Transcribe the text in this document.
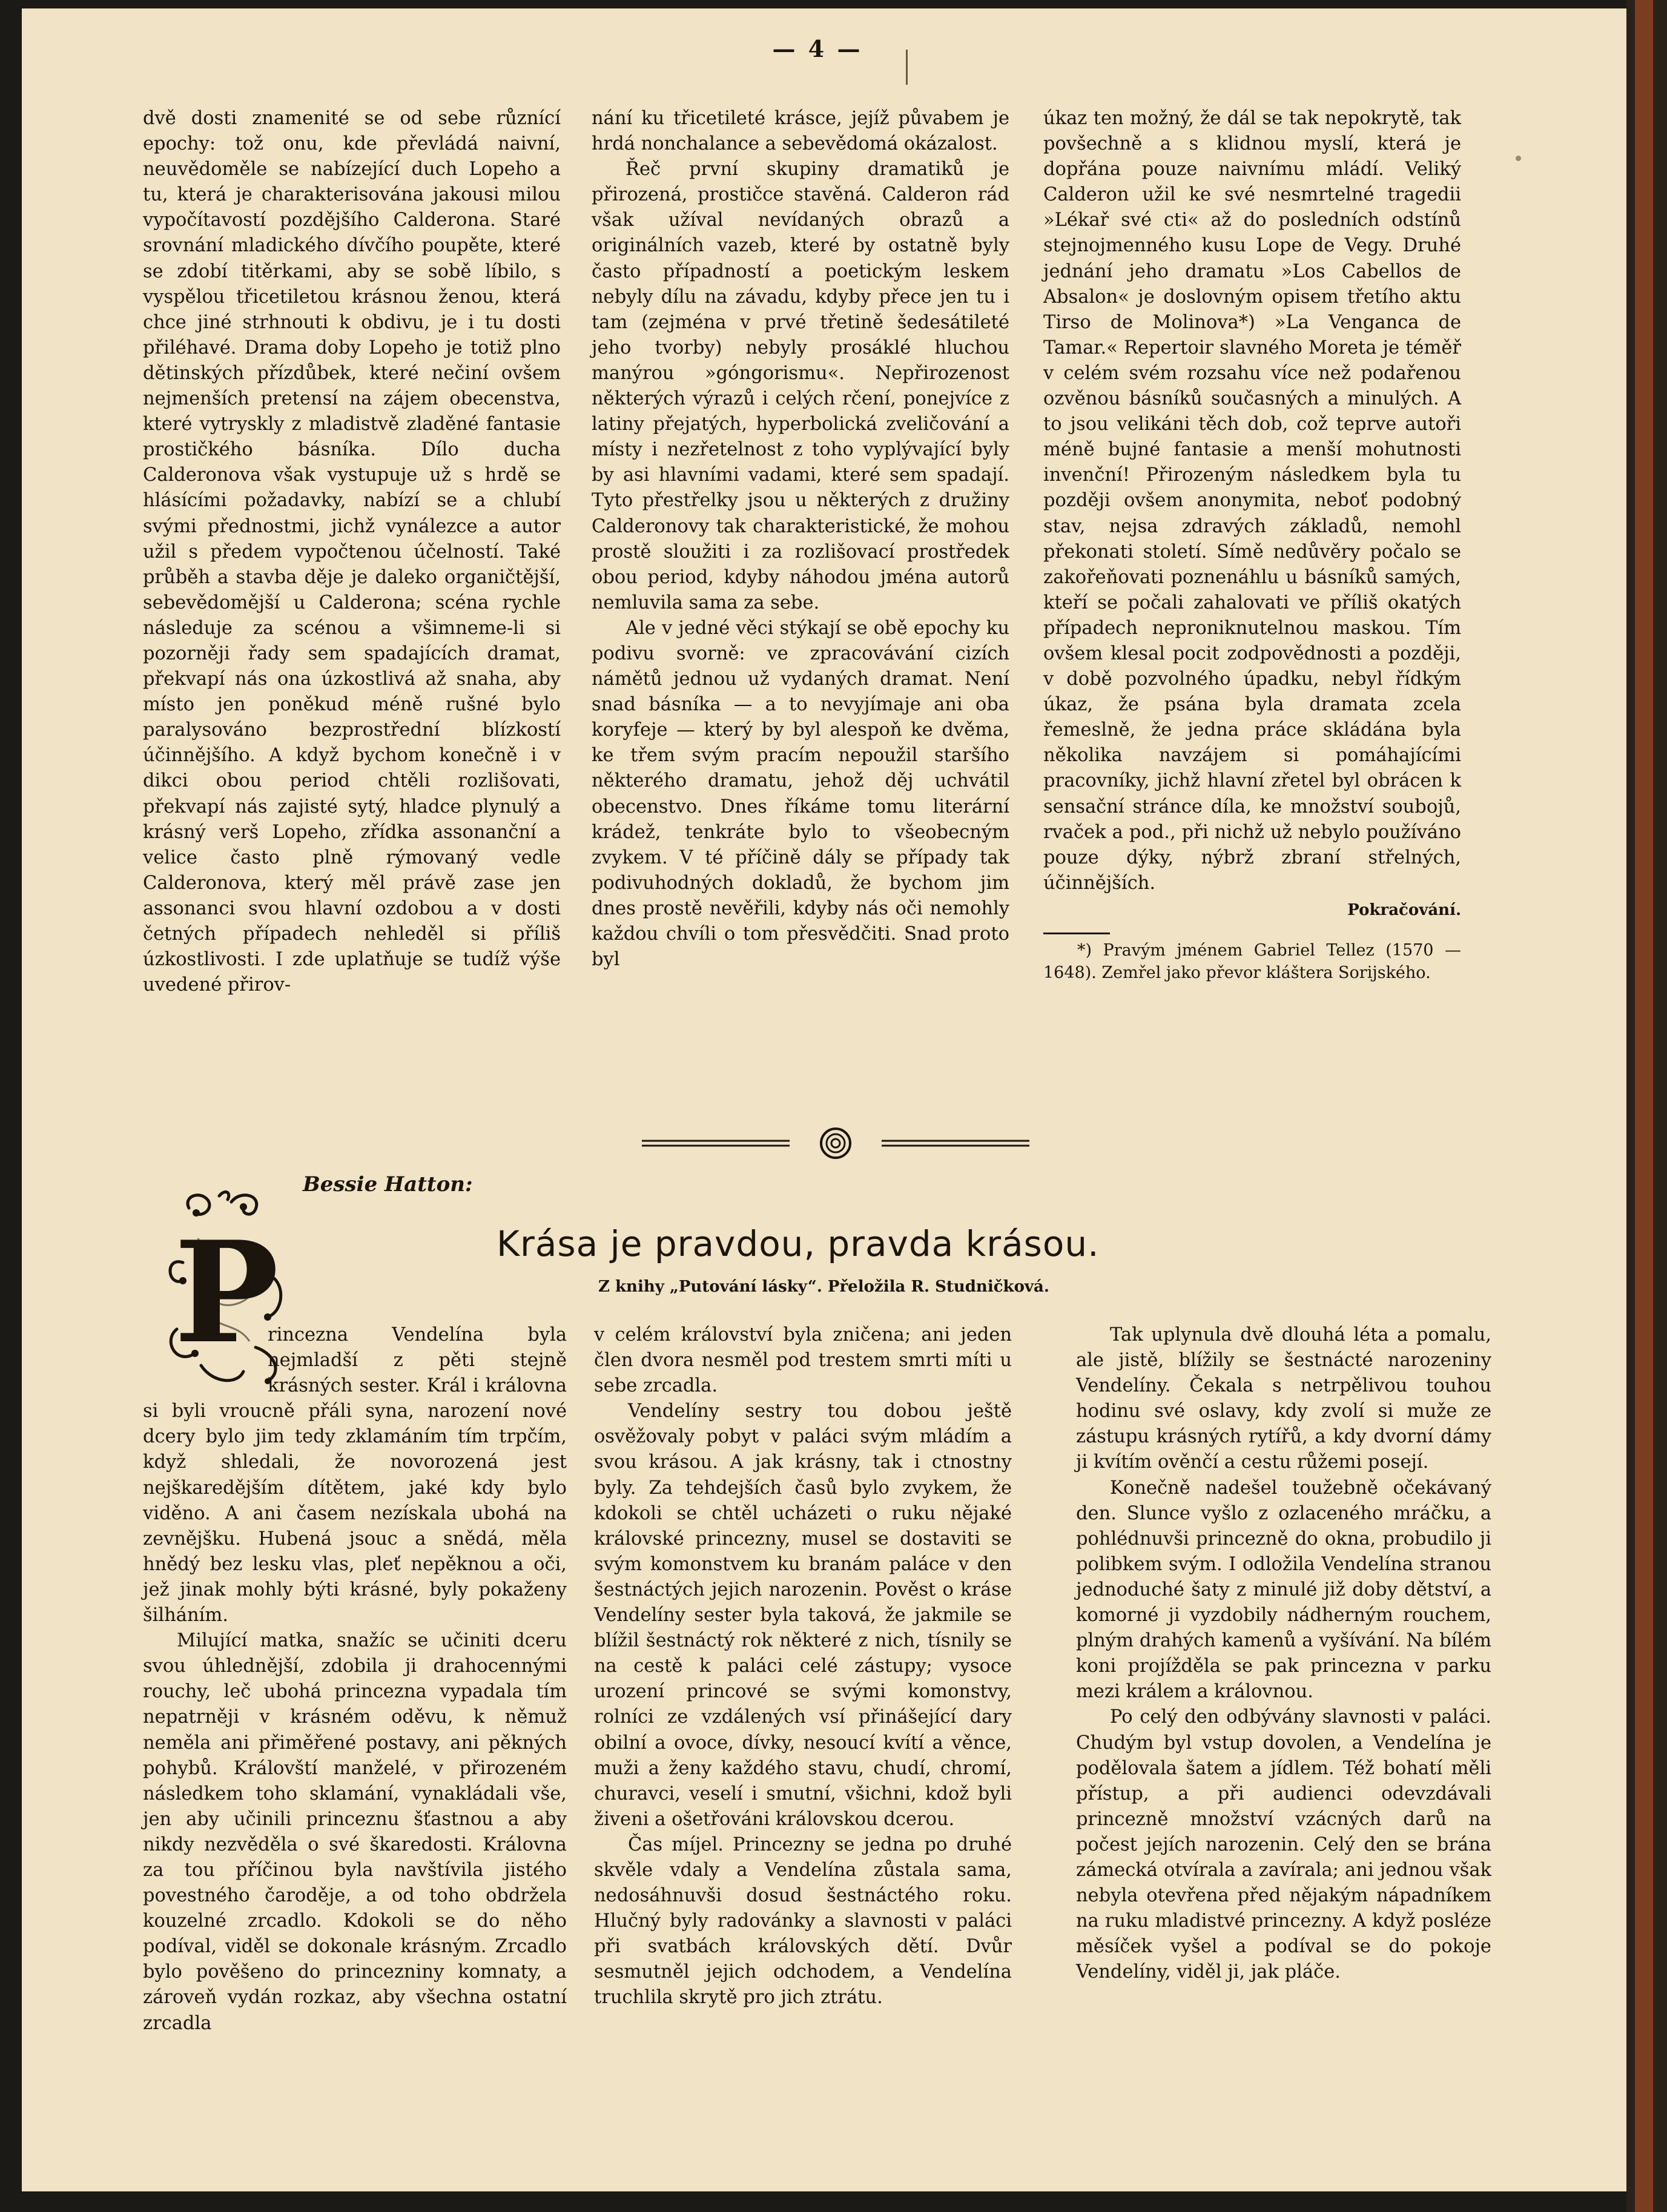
— 4 —

dvě dosti znamenité se od sebe různící epochy: tož onu, kde převládá naivní, neuvědoměle se nabízející duch Lopeho a tu, která je charakterisována jakousi milou vypočítavostí pozdějšího Calderona. Staré srovnání mladického dívčího poupěte, které se zdobí titěrkami, aby se sobě líbilo, s vyspělou třicetiletou krásnou ženou, která chce jiné strhnouti k obdivu, je i tu dosti přiléhavé. Drama doby Lopeho je totiž plno dětinských přízdůbek, které nečiní ovšem nejmenších pretensí na zájem obecenstva, které vytryskly z mladistvě zladěné fantasie prostičkého básníka. Dílo ducha Calderonova však vystupuje už s hrdě se hlásícími požadavky, nabízí se a chlubí svými přednostmi, jichž vynálezce a autor užil s předem vypočtenou účelností. Také průběh a stavba děje je daleko organičtější, sebevědomější u Calderona; scéna rychle následuje za scénou a všimneme-li si pozorněji řady sem spadajících dramat, překvapí nás ona úzkostlivá až snaha, aby místo jen poněkud méně rušné bylo paralysováno bezprostřední blízkostí účinnějšího. A když bychom konečně i v dikci obou period chtěli rozlišovati, překvapí nás zajisté sytý, hladce plynulý a krásný verš Lopeho, zřídka assonanční a velice často plně rýmovaný vedle Calderonova, který měl právě zase jen assonanci svou hlavní ozdobou a v dosti četných případech nehleděl si příliš úzkostlivosti. I zde uplatňuje se tudíž výše uvedené přirov-

nání ku třicetileté krásce, jejíž půvabem je hrdá nonchalance a sebevědomá okázalost.

Řeč první skupiny dramatiků je přirozená, prostičce stavěná. Calderon rád však užíval nevídaných obrazů a originálních vazeb, které by ostatně byly často případností a poetickým leskem nebyly dílu na závadu, kdyby přece jen tu i tam (zejména v prvé třetině šedesátileté jeho tvorby) nebyly prosáklé hluchou manýrou »góngorismu«. Nepřirozenost některých výrazů i celých rčení, ponejvíce z latiny přejatých, hyperbolická zveličování a místy i nezřetelnost z toho vyplývající byly by asi hlavními vadami, které sem spadají. Tyto přestřelky jsou u některých z družiny Calderonovy tak charakteristické, že mohou prostě sloužiti i za rozlišovací prostředek obou period, kdyby náhodou jména autorů nemluvila sama za sebe.

Ale v jedné věci stýkají se obě epochy ku podivu svorně: ve zpracovávání cizích námětů jednou už vydaných dramat. Není snad básníka — a to nevyjímaje ani oba koryfeje — který by byl alespoň ke dvěma, ke třem svým pracím nepoužil staršího některého dramatu, jehož děj uchvátil obecenstvo. Dnes říkáme tomu literární krádež, tenkráte bylo to všeobecným zvykem. V té příčině dály se případy tak podivuhodných dokladů, že bychom jim dnes prostě nevěřili, kdyby nás oči nemohly každou chvíli o tom přesvědčiti. Snad proto byl

úkaz ten možný, že dál se tak nepokrytě, tak povšechně a s klidnou myslí, která je dopřána pouze naivnímu mládí. Veliký Calderon užil ke své nesmrtelné tragedii »Lékař své cti« až do posledních odstínů stejnojmenného kusu Lope de Vegy. Druhé jednání jeho dramatu »Los Cabellos de Absalon« je doslovným opisem třetího aktu Tirso de Molinova*) »La Venganca de Tamar.« Repertoir slavného Moreta je téměř v celém svém rozsahu více než podařenou ozvěnou básníků současných a minulých. A to jsou velikáni těch dob, což teprve autoři méně bujné fantasie a menší mohutnosti invenční! Přirozeným následkem byla tu později ovšem anonymita, neboť podobný stav, nejsa zdravých základů, nemohl překonati století. Símě nedůvěry počalo se zakořeňovati poznenáhlu u básníků samých, kteří se počali zahalovati ve příliš okatých případech neproniknutelnou maskou. Tím ovšem klesal pocit zodpovědnosti a později, v době pozvolného úpadku, nebyl řídkým úkaz, že psána byla dramata zcela řemeslně, že jedna práce skládána byla několika navzájem si pomáhajícími pracovníky, jichž hlavní zřetel byl obrácen k sensační stránce díla, ke množství soubojů, rvaček a pod., při nichž už nebylo používáno pouze dýky, nýbrž zbraní střelných, účinnějších.

Pokračování.
*) Pravým jménem Gabriel Tellez (1570 —1648). Zemřel jako převor kláštera Sorijského.
Bessie Hatton:
P	Krása je pravdou, pravda krásou.
Z knihy „Putování lásky“. Přeložila R. Studničková.

rincezna Vendelína byla nejmladší z pěti stejně krásných sester. Král i královna si byli vroucně přáli syna, narození nové dcery bylo jim tedy zklamáním tím trpčím, když shledali, že novorozená jest nejškaredějším dítětem, jaké kdy bylo viděno. A ani časem nezískala ubohá na zevnějšku. Hubená jsouc a snědá, měla hnědý bez lesku vlas, pleť nepěknou a oči, jež jinak mohly býti krásné, byly pokaženy šilháním.

Milující matka, snažíc se učiniti dceru svou úhlednější, zdobila ji drahocennými rouchy, leč ubohá princezna vypadala tím nepatrněji v krásném oděvu, k němuž neměla ani přiměřené postavy, ani pěkných pohybů. Královští manželé, v přirozeném následkem toho sklamání, vynakládali vše, jen aby učinili princeznu šťastnou a aby nikdy nezvěděla o své škaredosti. Královna za tou příčinou byla navštívila jistého povestného čaroděje, a od toho obdržela kouzelné zrcadlo. Kdokoli se do něho podíval, viděl se dokonale krásným. Zrcadlo bylo pověšeno do princezniny komnaty, a zároveň vydán rozkaz, aby všechna ostatní zrcadla

v celém království byla zničena; ani jeden člen dvora nesměl pod trestem smrti míti u sebe zrcadla.

Vendelíny sestry tou dobou ještě osvěžovaly pobyt v paláci svým mládím a svou krásou. A jak krásny, tak i ctnostny byly. Za tehdejších časů bylo zvykem, že kdokoli se chtěl ucházeti o ruku nějaké královské princezny, musel se dostaviti se svým komonstvem ku branám paláce v den šestnáctých jejich narozenin. Pověst o kráse Vendelíny sester byla taková, že jakmile se blížil šestnáctý rok některé z nich, tísnily se na cestě k paláci celé zástupy; vysoce urození princové se svými komonstvy, rolníci ze vzdálených vsí přinášející dary obilní a ovoce, dívky, nesoucí kvítí a věnce, muži a ženy každého stavu, chudí, chromí, churavci, veselí i smutní, všichni, kdož byli živeni a ošetřováni královskou dcerou.

Čas míjel. Princezny se jedna po druhé skvěle vdaly a Vendelína zůstala sama, nedosáhnuvši dosud šestnáctého roku. Hlučný byly radovánky a slavnosti v paláci při svatbách královských dětí. Dvůr sesmutněl jejich odchodem, a Vendelína truchlila skrytě pro jich ztrátu.

Tak uplynula dvě dlouhá léta a pomalu, ale jistě, blížily se šestnácté narozeniny Vendelíny. Čekala s netrpělivou touhou hodinu své oslavy, kdy zvolí si muže ze zástupu krásných rytířů, a kdy dvorní dámy ji kvítím ověnčí a cestu růžemi posejí.

Konečně nadešel toužebně očekávaný den. Slunce vyšlo z ozlaceného mráčku, a pohlédnuvši princezně do okna, probudilo ji polibkem svým. I odložila Vendelína stranou jednoduché šaty z minulé již doby dětství, a komorné ji vyzdobily nádherným rouchem, plným drahých kamenů a vyšívání. Na bílém koni projížděla se pak princezna v parku mezi králem a královnou.

Po celý den odbývány slavnosti v paláci. Chudým byl vstup dovolen, a Vendelína je podělovala šatem a jídlem. Též bohatí měli přístup, a při audienci odevzdávali princezně množství vzácných darů na počest jejích narozenin. Celý den se brána zámecká otvírala a zavírala; ani jednou však nebyla otevřena před nějakým nápadníkem na ruku mladistvé princezny. A když posléze měsíček vyšel a podíval se do pokoje Vendelíny, viděl ji, jak pláče.
